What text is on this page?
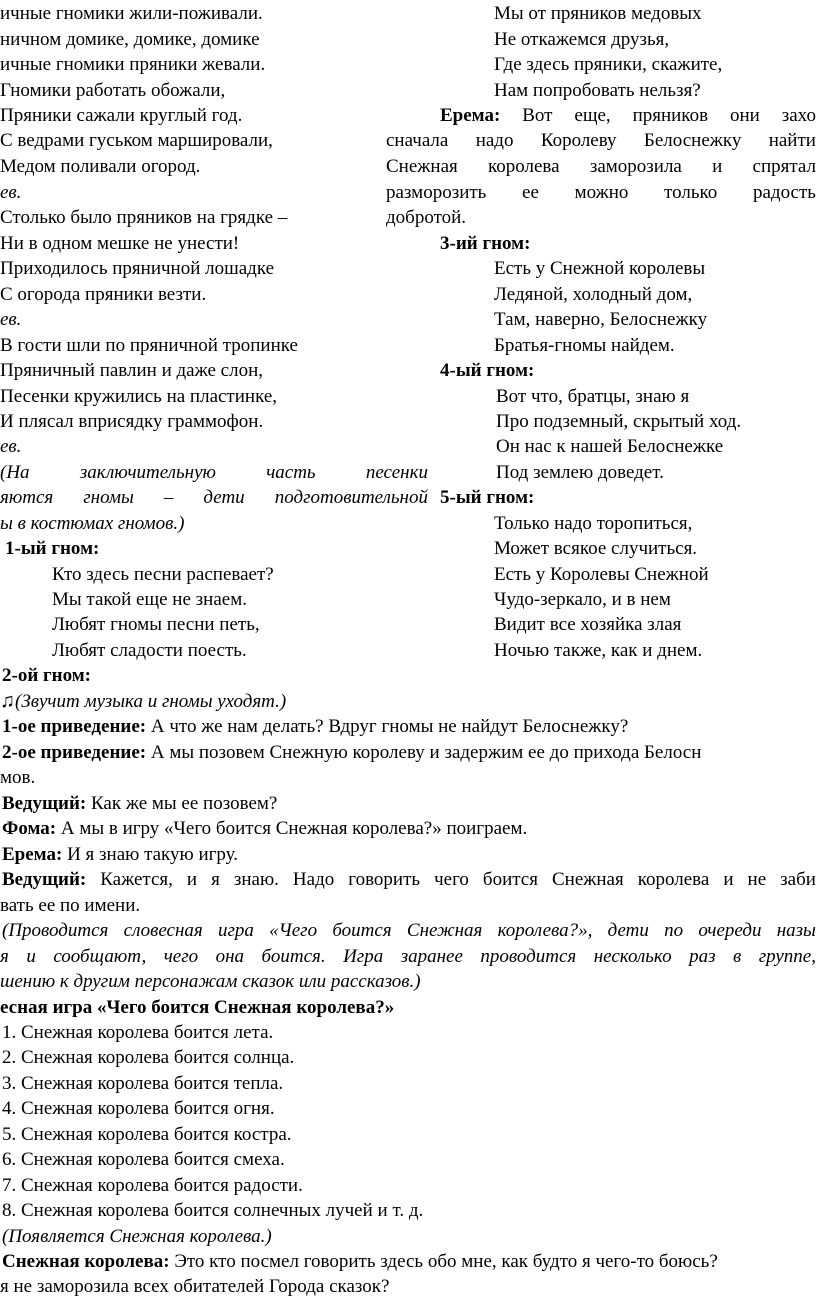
ичные гномики жили-поживали.
ничном домике, домике, домике
ичные гномики пряники жевали.
Гномики работать обожали,
Пряники сажали круглый год.
С ведрами гуськом маршировали,
Медом поливали огород.
ев.
Столько было пряников на грядке –
Ни в одном мешке не унести!
Приходилось пряничной лошадке
С огорода пряники везти.
ев.
В гости шли по пряничной тропинке
Пряничный павлин и даже слон,
Песенки кружились на пластинке,
И плясал вприсядку граммофон.
ев.
(На	заключительную	часть	песенки
яются гномы – дети подготовительной
ы в костюмах гномов.)
1-ый гном:
Кто здесь песни распевает?
Мы такой еще не знаем.
Любят гномы песни петь,
Любят сладости поесть.
Мы от пряников медовых
Не откажемся друзья,
Где здесь пряники, скажите,
Нам попробовать нельзя?
Ерема: Вот еще, пряников они захо
сначала надо Королеву Белоснежку найти
Снежная королева заморозила и спрятал
разморозить ее можно только радость
добротой.
3-ий гном:
Есть у Снежной королевы
Ледяной, холодный дом,
Там, наверно, Белоснежку
Братья-гномы найдем.
4-ый гном:
Вот что, братцы, знаю я
Про подземный, скрытый ход.
Он нас к нашей Белоснежке
Под землею доведет.
5-ый гном:
Только надо торопиться,
Может всякое случиться.
Есть у Королевы Снежной
Чудо-зеркало, и в нем
Видит все хозяйка злая
Ночью также, как и днем.
2-ой гном:
♫(Звучит музыка и гномы уходят.)
1-ое приведение: А что же нам делать? Вдруг гномы не найдут Белоснежку?
2-ое приведение: А мы позовем Снежную королеву и задержим ее до прихода Белосн
мов.
Ведущий: Как же мы ее позовем?
Фома: А мы в игру «Чего боится Снежная королева?» поиграем.
Ерема: И я знаю такую игру.
Ведущий: Кажется, и я знаю. Надо говорить чего боится Снежная королева и не заби
вать ее по имени.
(Проводится словесная игра «Чего боится Снежная королева?», дети по очереди назы
я и сообщают, чего она боится. Игра заранее проводится несколько раз в группе,
шению к другим персонажам сказок или рассказов.)
есная игра «Чего боится Снежная королева?»
1. Снежная королева боится лета.
2. Снежная королева боится солнца.
3. Снежная королева боится тепла.
4. Снежная королева боится огня.
5. Снежная королева боится костра.
6. Снежная королева боится смеха.
7. Снежная королева боится радости.
8. Снежная королева боится солнечных лучей и т. д.
(Появляется Снежная королева.)
Снежная королева: Это кто посмел говорить здесь обо мне, как будто я чего-то боюсь?
я не заморозила всех обитателей Города сказок?
